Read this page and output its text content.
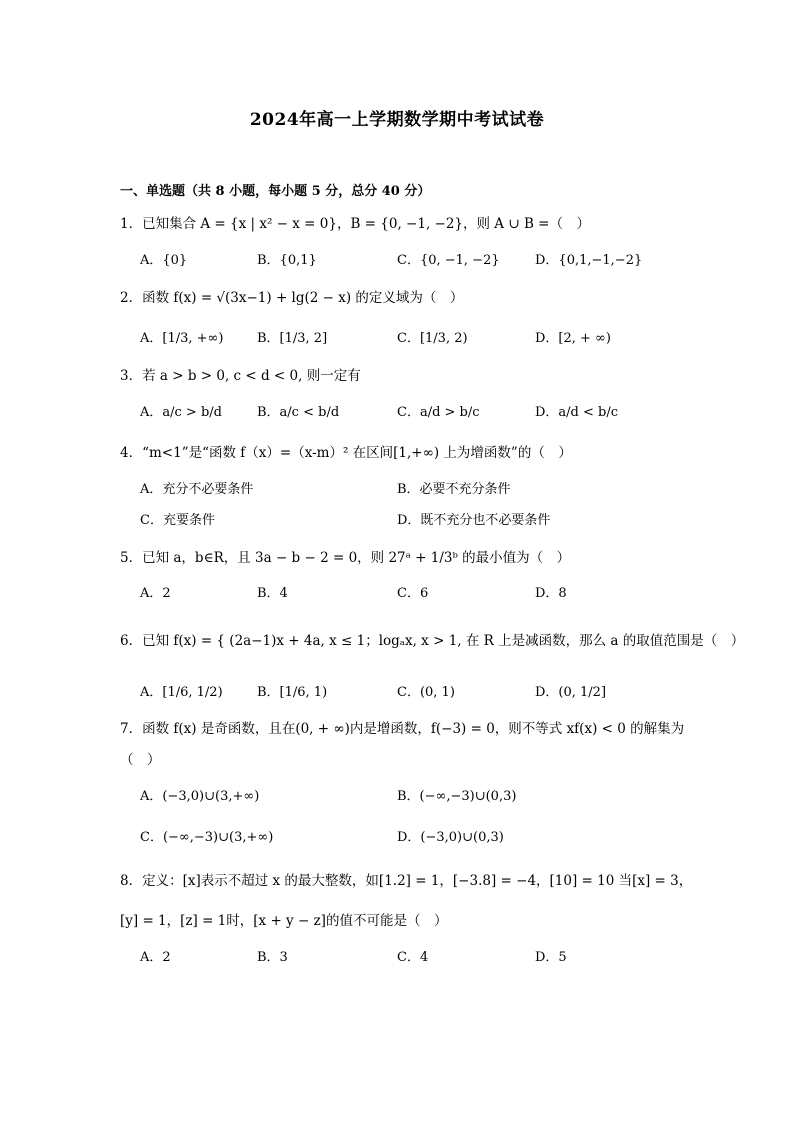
2024年高一上学期数学期中考试试卷
一、单选题（共 8 小题，每小题 5 分，总分 40 分）
1．已知集合 A = {x | x² − x = 0}，B = {0, −1, −2}，则 A ∪ B =（　）
A．{0}	B．{0,1}	C．{0, −1, −2}	D．{0,1,−1,−2}
2．函数 f(x) = √(3x−1) + lg(2 − x) 的定义域为（　）
A．[1/3, +∞)	B．[1/3, 2]	C．[1/3, 2)	D．[2, + ∞)
3．若 a > b > 0, c < d < 0, 则一定有
A．a/c > b/d	B．a/c < b/d	C．a/d > b/c	D．a/d < b/c
4．“m<1”是“函数 f（x）=（x-m）² 在区间[1,+∞) 上为增函数”的（　）
A．充分不必要条件	B．必要不充分条件
C．充要条件	D．既不充分也不必要条件
5．已知 a，b∈R，且 3a − b − 2 = 0，则 27ᵃ + 1/3ᵇ 的最小值为（　）
A．2	B．4	C．6	D．8
6．已知 f(x) = { (2a−1)x + 4a, x ≤ 1；logₐx, x > 1, 在 R 上是减函数，那么 a 的取值范围是（　）
A．[1/6, 1/2)	B．[1/6, 1)	C．(0, 1)	D．(0, 1/2]
7．函数 f(x) 是奇函数，且在(0, + ∞)内是增函数，f(−3) = 0，则不等式 xf(x) < 0 的解集为
（　）
A．(−3,0)∪(3,+∞)	B．(−∞,−3)∪(0,3)
C．(−∞,−3)∪(3,+∞)	D．(−3,0)∪(0,3)
8．定义：[x]表示不超过 x 的最大整数，如[1.2] = 1，[−3.8] = −4，[10] = 10 当[x] = 3，
[y] = 1，[z] = 1时，[x + y − z]的值不可能是（　）
A．2	B．3	C．4	D．5
